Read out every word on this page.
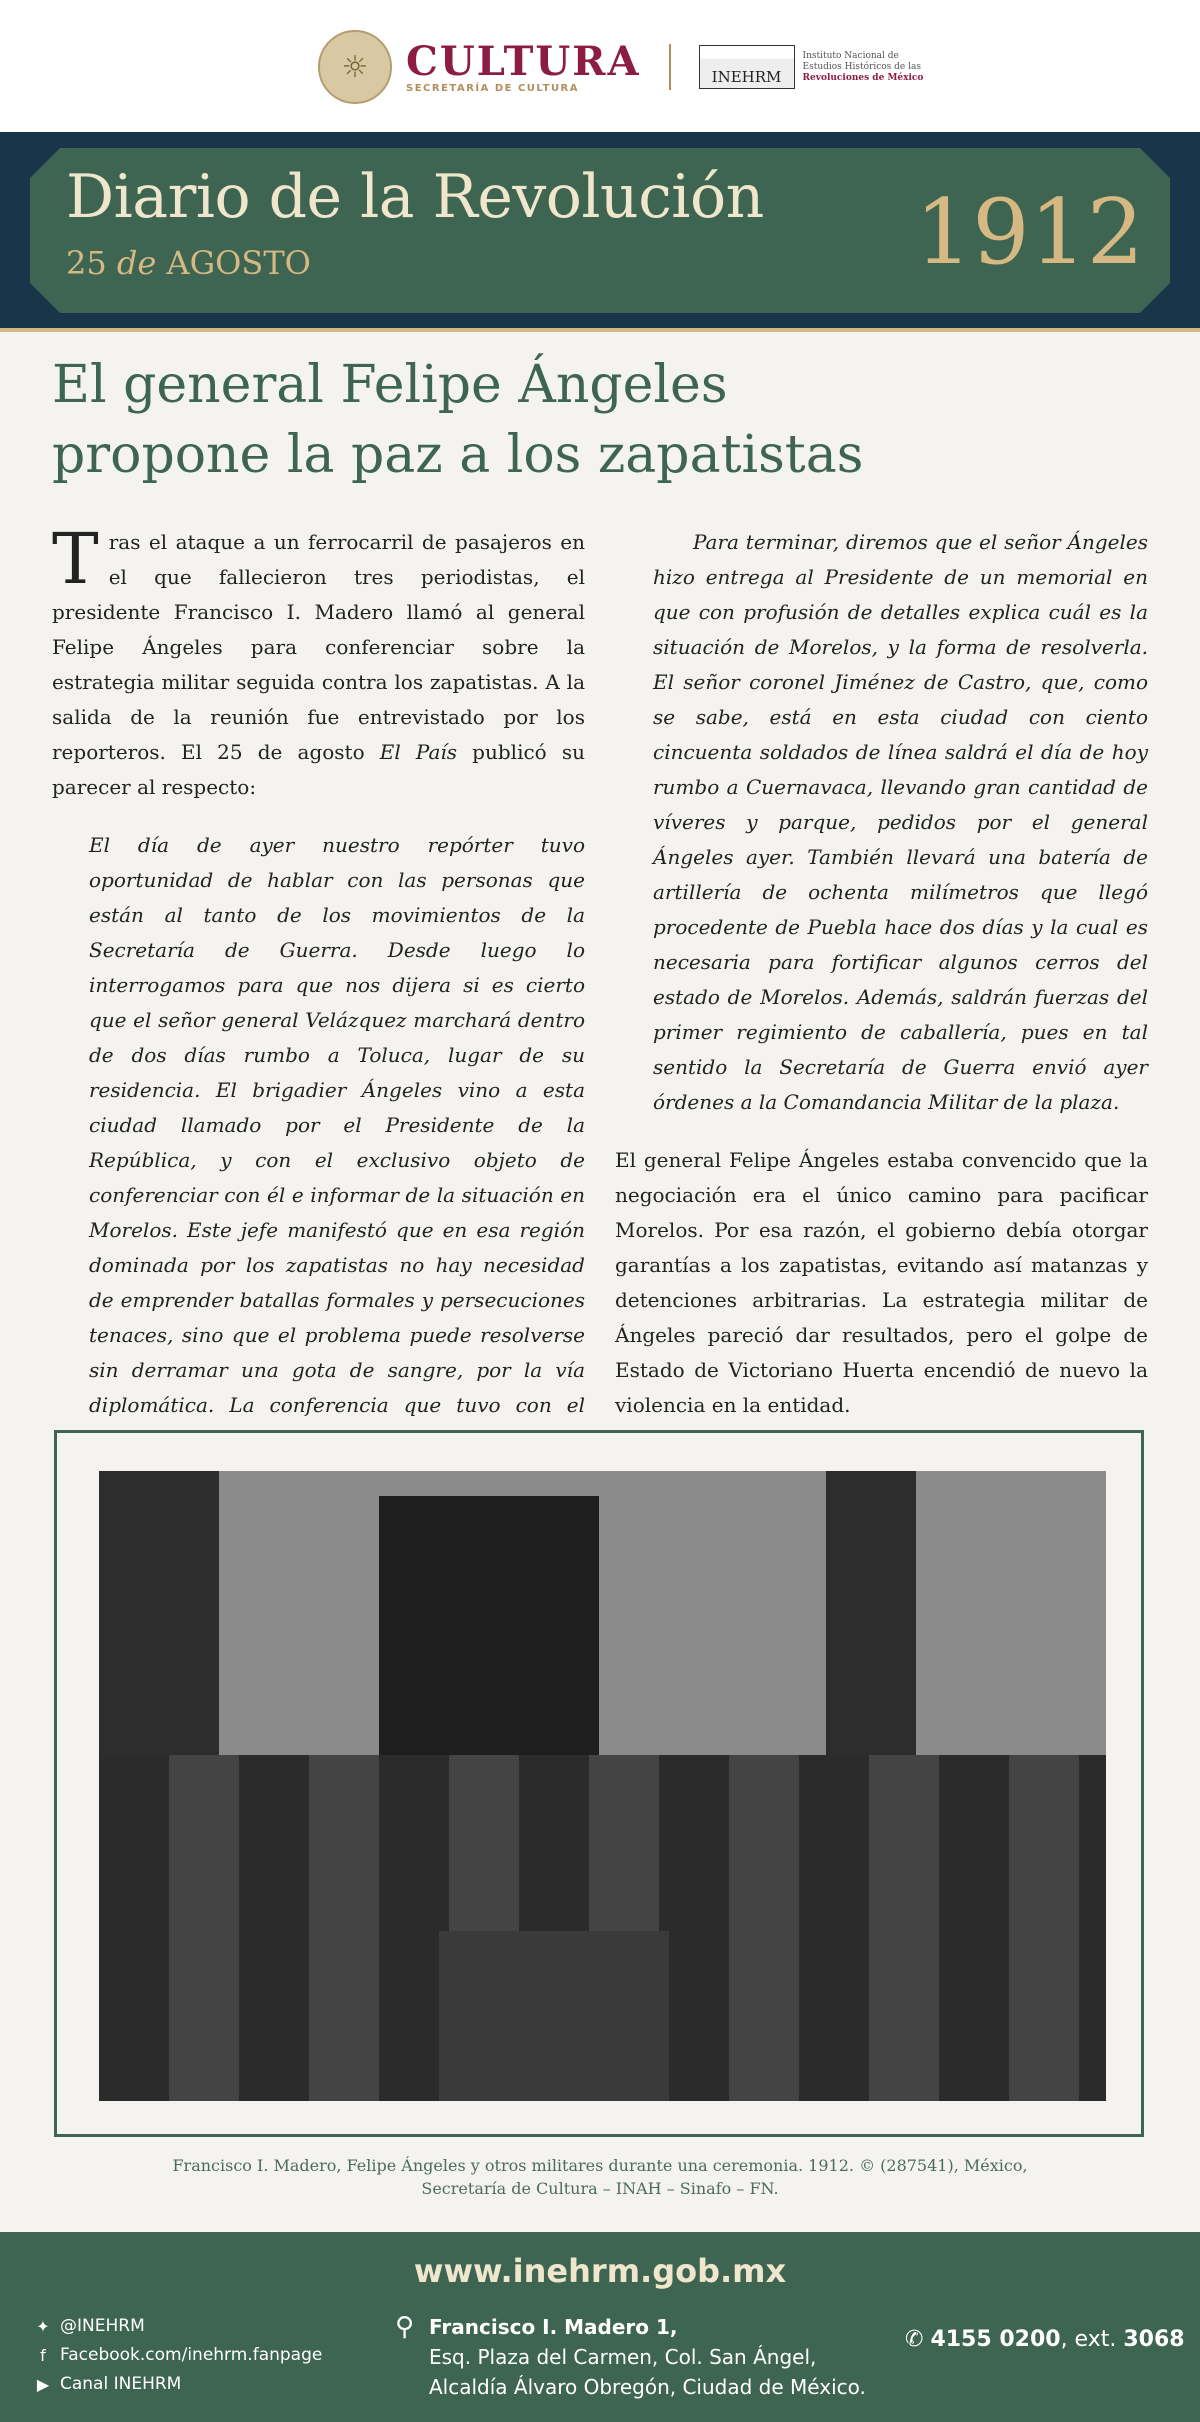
☼ CULTURA
SECRETARÍA DE CULTURA
INEHRM
Instituto Nacional de
Estudios Históricos de las
Revoluciones de México
Diario de la Revolución
25 de AGOSTO	1912
El general Felipe Ángeles
propone la paz a los zapatistas

Tras el ataque a un ferrocarril de pasajeros en el que fallecieron tres periodistas, el presidente Francisco I. Madero llamó al general Felipe Ángeles para conferenciar sobre la estrategia militar seguida contra los zapatistas. A la salida de la reunión fue entrevistado por los reporteros. El 25 de agosto El País publicó su parecer al respecto:

El día de ayer nuestro repórter tuvo oportunidad de hablar con las personas que están al tanto de los movimientos de la Secretaría de Guerra. Desde luego lo interrogamos para que nos dijera si es cierto que el señor general Velázquez marchará dentro de dos días rumbo a Toluca, lugar de su residencia. El brigadier Ángeles vino a esta ciudad llamado por el Presidente de la República, y con el exclusivo objeto de conferenciar con él e informar de la situación en Morelos. Este jefe manifestó que en esa región dominada por los zapatistas no hay necesidad de emprender batallas formales y persecuciones tenaces, sino que el problema puede resolverse sin derramar una gota de sangre, por la vía diplomática. La conferencia que tuvo con el

Para terminar, diremos que el señor Ángeles hizo entrega al Presidente de un memorial en que con profusión de detalles explica cuál es la situación de Morelos, y la forma de resolverla. El señor coronel Jiménez de Castro, que, como se sabe, está en esta ciudad con ciento cincuenta soldados de línea saldrá el día de hoy rumbo a Cuernavaca, llevando gran cantidad de víveres y parque, pedidos por el general Ángeles ayer. También llevará una batería de artillería de ochenta milímetros que llegó procedente de Puebla hace dos días y la cual es necesaria para fortificar algunos cerros del estado de Morelos. Además, saldrán fuerzas del primer regimiento de caballería, pues en tal sentido la Secretaría de Guerra envió ayer órdenes a la Comandancia Militar de la plaza.

El general Felipe Ángeles estaba convencido que la negociación era el único camino para pacificar Morelos. Por esa razón, el gobierno debía otorgar garantías a los zapatistas, evitando así matanzas y detenciones arbitrarias. La estrategia militar de Ángeles pareció dar resultados, pero el golpe de Estado de Victoriano Huerta encendió de nuevo la violencia en la entidad.

Francisco I. Madero, Felipe Ángeles y otros militares durante una ceremonia. 1912. © (287541), México,
Secretaría de Cultura – INAH – Sinafo – FN.
www.inehrm.gob.mx
✦ @INEHRM
f Facebook.com/inehrm.fanpage
▶ Canal INEHRM
⚲ Francisco I. Madero 1,
Esq. Plaza del Carmen, Col. San Ángel,
Alcaldía Álvaro Obregón, Ciudad de México.
✆ 4155 0200, ext. 3068
